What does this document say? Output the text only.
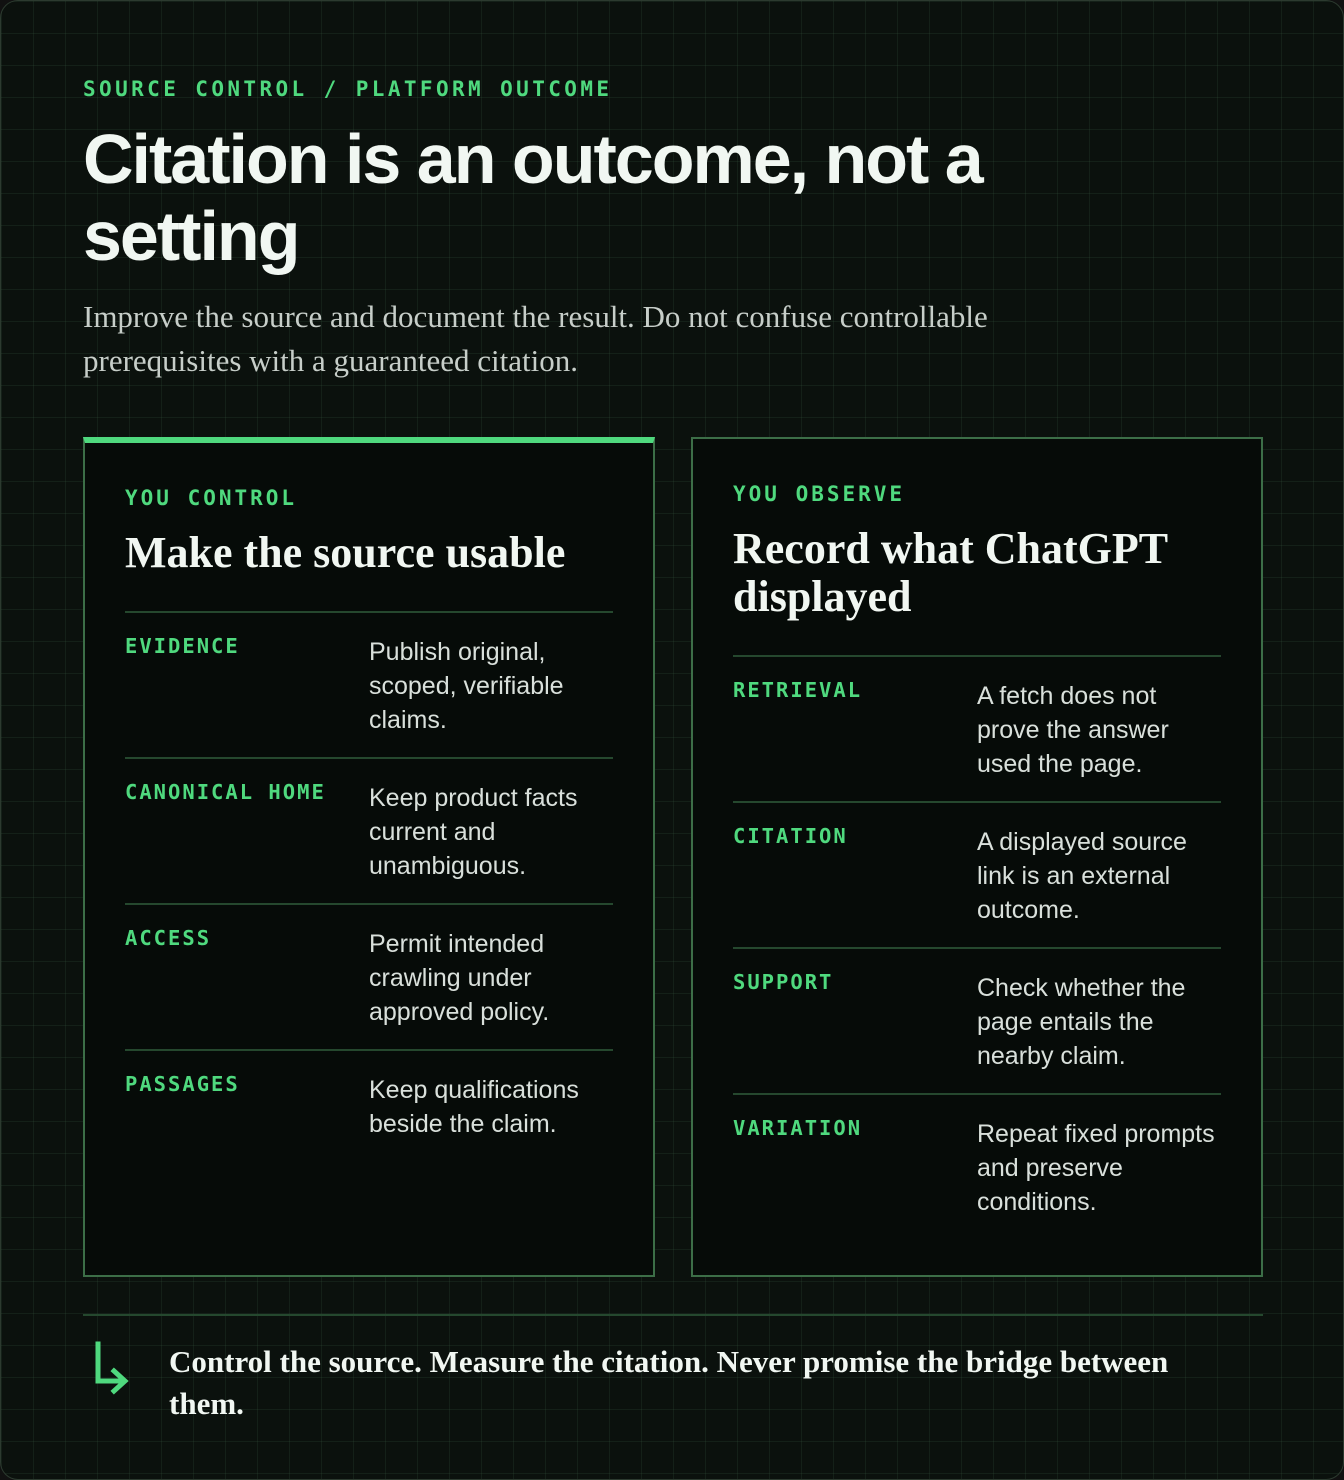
SOURCE CONTROL / PLATFORM OUTCOME
Citation is an outcome, not a setting

Improve the source and document the result. Do not confuse controllable prerequisites with a guaranteed citation.

YOU CONTROL
Make the source usable
EVIDENCE	Publish original, scoped, verifiable claims.
CANONICAL HOME	Keep product facts current and unambiguous.
ACCESS	Permit intended crawling under approved policy.
PASSAGES	Keep qualifications beside the claim.
YOU OBSERVE
Record what ChatGPT displayed
RETRIEVAL	A fetch does not prove the answer used the page.
CITATION	A displayed source link is an external outcome.
SUPPORT	Check whether the page entails the nearby claim.
VARIATION	Repeat fixed prompts and preserve conditions.

Control the source. Measure the citation. Never promise the bridge between them.
